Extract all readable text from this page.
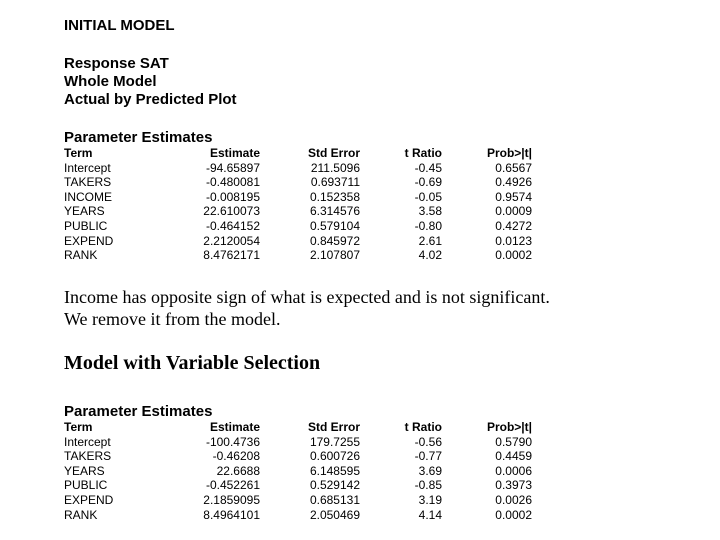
INITIAL MODEL
Response SAT
Whole Model
Actual by Predicted Plot
Parameter Estimates
Term	Estimate	Std Error	t Ratio	Prob>|t|
Intercept	-94.65897	211.5096	-0.45	0.6567
TAKERS	-0.480081	0.693711	-0.69	0.4926
INCOME	-0.008195	0.152358	-0.05	0.9574
YEARS	22.610073	6.314576	3.58	0.0009
PUBLIC	-0.464152	0.579104	-0.80	0.4272
EXPEND	2.2120054	0.845972	2.61	0.0123
RANK	8.4762171	2.107807	4.02	0.0002

Income has opposite sign of what is expected and is not significant.

We remove it from the model.

Model with Variable Selection
Parameter Estimates
Term	Estimate	Std Error	t Ratio	Prob>|t|
Intercept	-100.4736	179.7255	-0.56	0.5790
TAKERS	-0.46208	0.600726	-0.77	0.4459
YEARS	22.6688	6.148595	3.69	0.0006
PUBLIC	-0.452261	0.529142	-0.85	0.3973
EXPEND	2.1859095	0.685131	3.19	0.0026
RANK	8.4964101	2.050469	4.14	0.0002
